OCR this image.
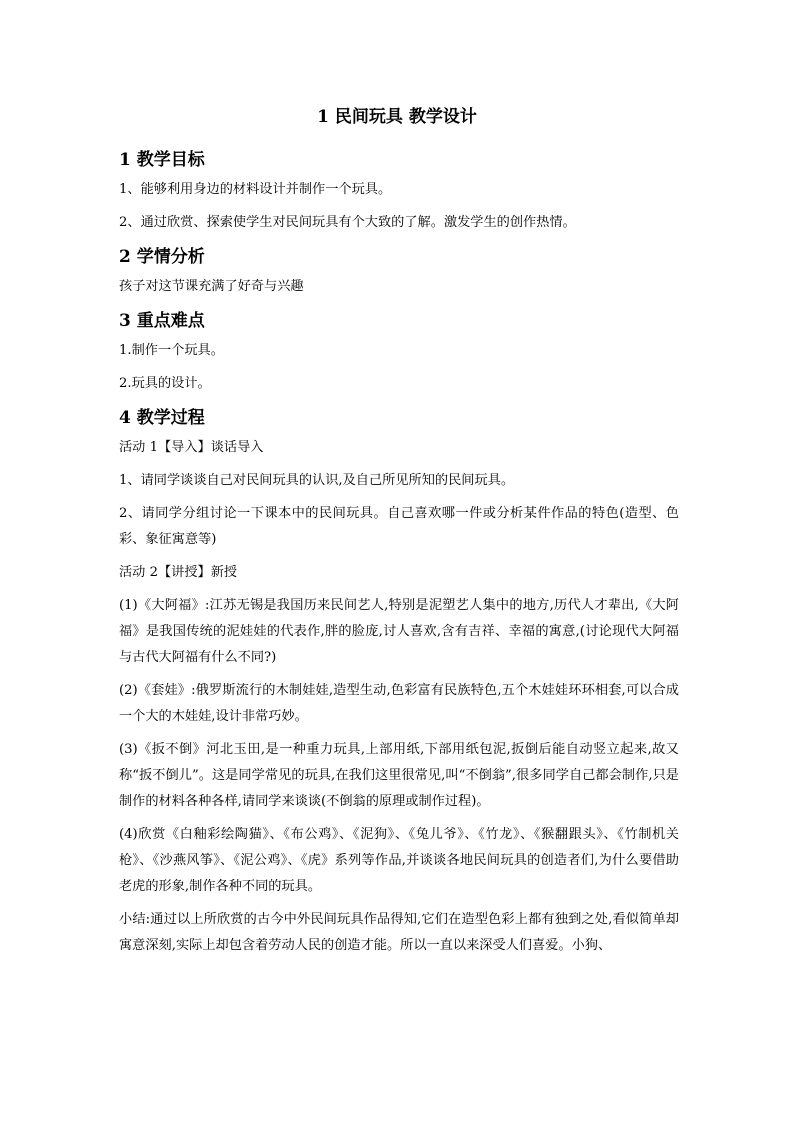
1 民间玩具 教学设计

1 教学目标

1、能够利用身边的材料设计并制作一个玩具。

2、通过欣赏、探索使学生对民间玩具有个大致的了解。激发学生的创作热情。

2 学情分析

孩子对这节课充满了好奇与兴趣

3 重点难点

1.制作一个玩具。

2.玩具的设计。

4 教学过程

活动 1【导入】谈话导入

1、请同学谈谈自己对民间玩具的认识,及自己所见所知的民间玩具。

2、请同学分组讨论一下课本中的民间玩具。自己喜欢哪一件或分析某件作品的特色(造型、色彩、象征寓意等)

活动 2【讲授】新授

(1)《大阿福》:江苏无锡是我国历来民间艺人,特别是泥塑艺人集中的地方,历代人才辈出,《大阿福》是我国传统的泥娃娃的代表作,胖的脸庞,讨人喜欢,含有吉祥、幸福的寓意,(讨论现代大阿福与古代大阿福有什么不同?)

(2)《套娃》:俄罗斯流行的木制娃娃,造型生动,色彩富有民族特色,五个木娃娃环环相套,可以合成一个大的木娃娃,设计非常巧妙。

(3)《扳不倒》河北玉田,是一种重力玩具,上部用纸,下部用纸包泥,扳倒后能自动竖立起来,故又称“扳不倒儿”。这是同学常见的玩具,在我们这里很常见,叫“不倒翁”,很多同学自己都会制作,只是制作的材料各种各样,请同学来谈谈(不倒翁的原理或制作过程)。

(4)欣赏《白釉彩绘陶猫》、《布公鸡》、《泥狗》、《兔儿爷》、《竹龙》、《猴翻跟头》、《竹制机关枪》、《沙燕风筝》、《泥公鸡》、《虎》系列等作品,并谈谈各地民间玩具的创造者们,为什么要借助老虎的形象,制作各种不同的玩具。

小结:通过以上所欣赏的古今中外民间玩具作品得知,它们在造型色彩上都有独到之处,看似简单却寓意深刻,实际上却包含着劳动人民的创造才能。所以一直以来深受人们喜爱。小狗、
